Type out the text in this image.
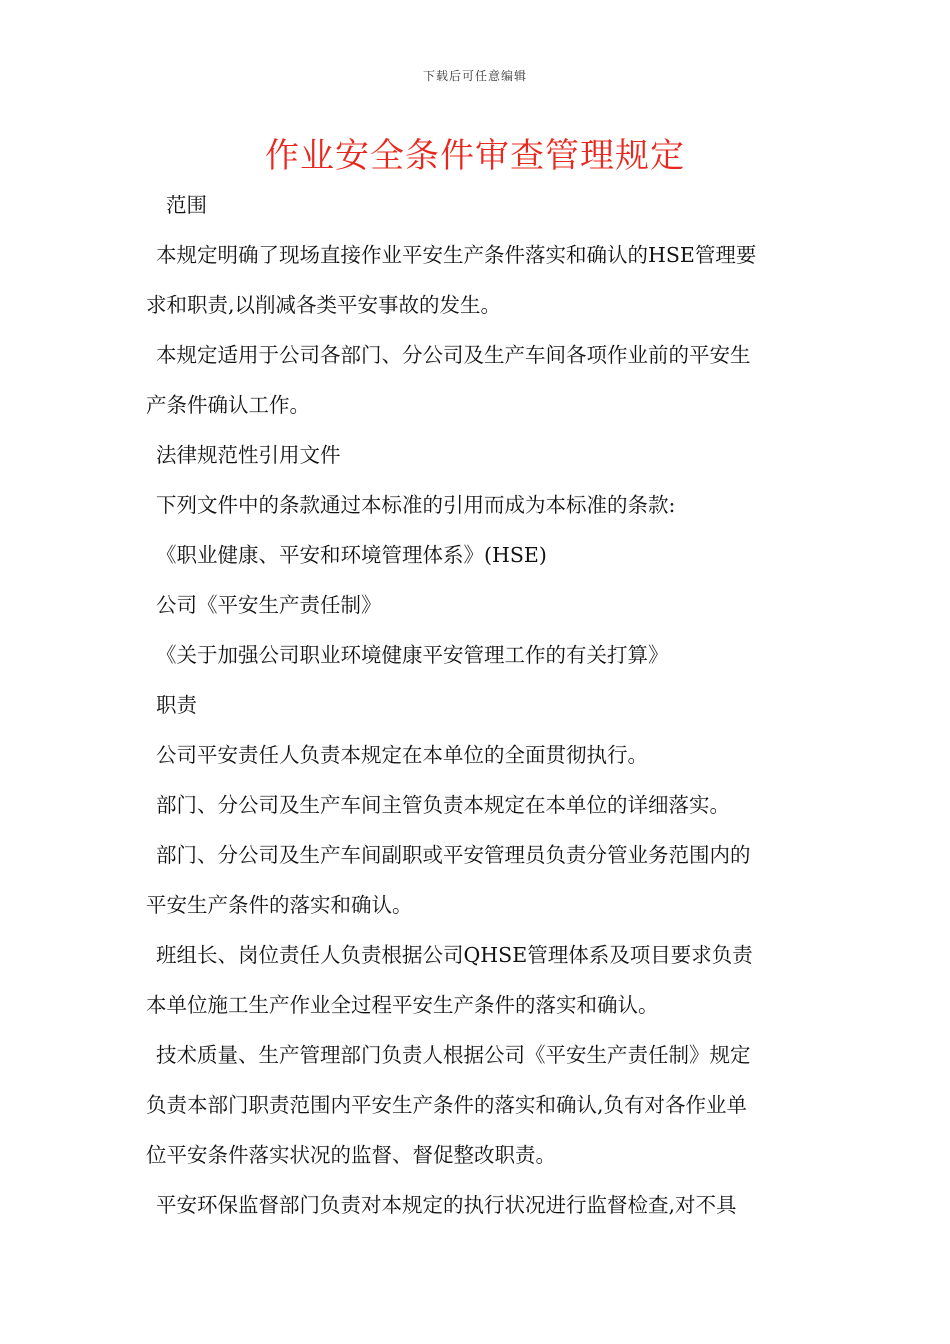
下载后可任意编辑
作业安全条件审查管理规定
范围
本规定明确了现场直接作业平安生产条件落实和确认的HSE管理要
求和职责,以削减各类平安事故的发生。
本规定适用于公司各部门、分公司及生产车间各项作业前的平安生
产条件确认工作。
法律规范性引用文件
下列文件中的条款通过本标准的引用而成为本标准的条款:
《职业健康、平安和环境管理体系》(HSE)
公司《平安生产责任制》
《关于加强公司职业环境健康平安管理工作的有关打算》
职责
公司平安责任人负责本规定在本单位的全面贯彻执行。
部门、分公司及生产车间主管负责本规定在本单位的详细落实。
部门、分公司及生产车间副职或平安管理员负责分管业务范围内的
平安生产条件的落实和确认。
班组长、岗位责任人负责根据公司QHSE管理体系及项目要求负责
本单位施工生产作业全过程平安生产条件的落实和确认。
技术质量、生产管理部门负责人根据公司《平安生产责任制》规定
负责本部门职责范围内平安生产条件的落实和确认,负有对各作业单
位平安条件落实状况的监督、督促整改职责。
平安环保监督部门负责对本规定的执行状况进行监督检查,对不具
